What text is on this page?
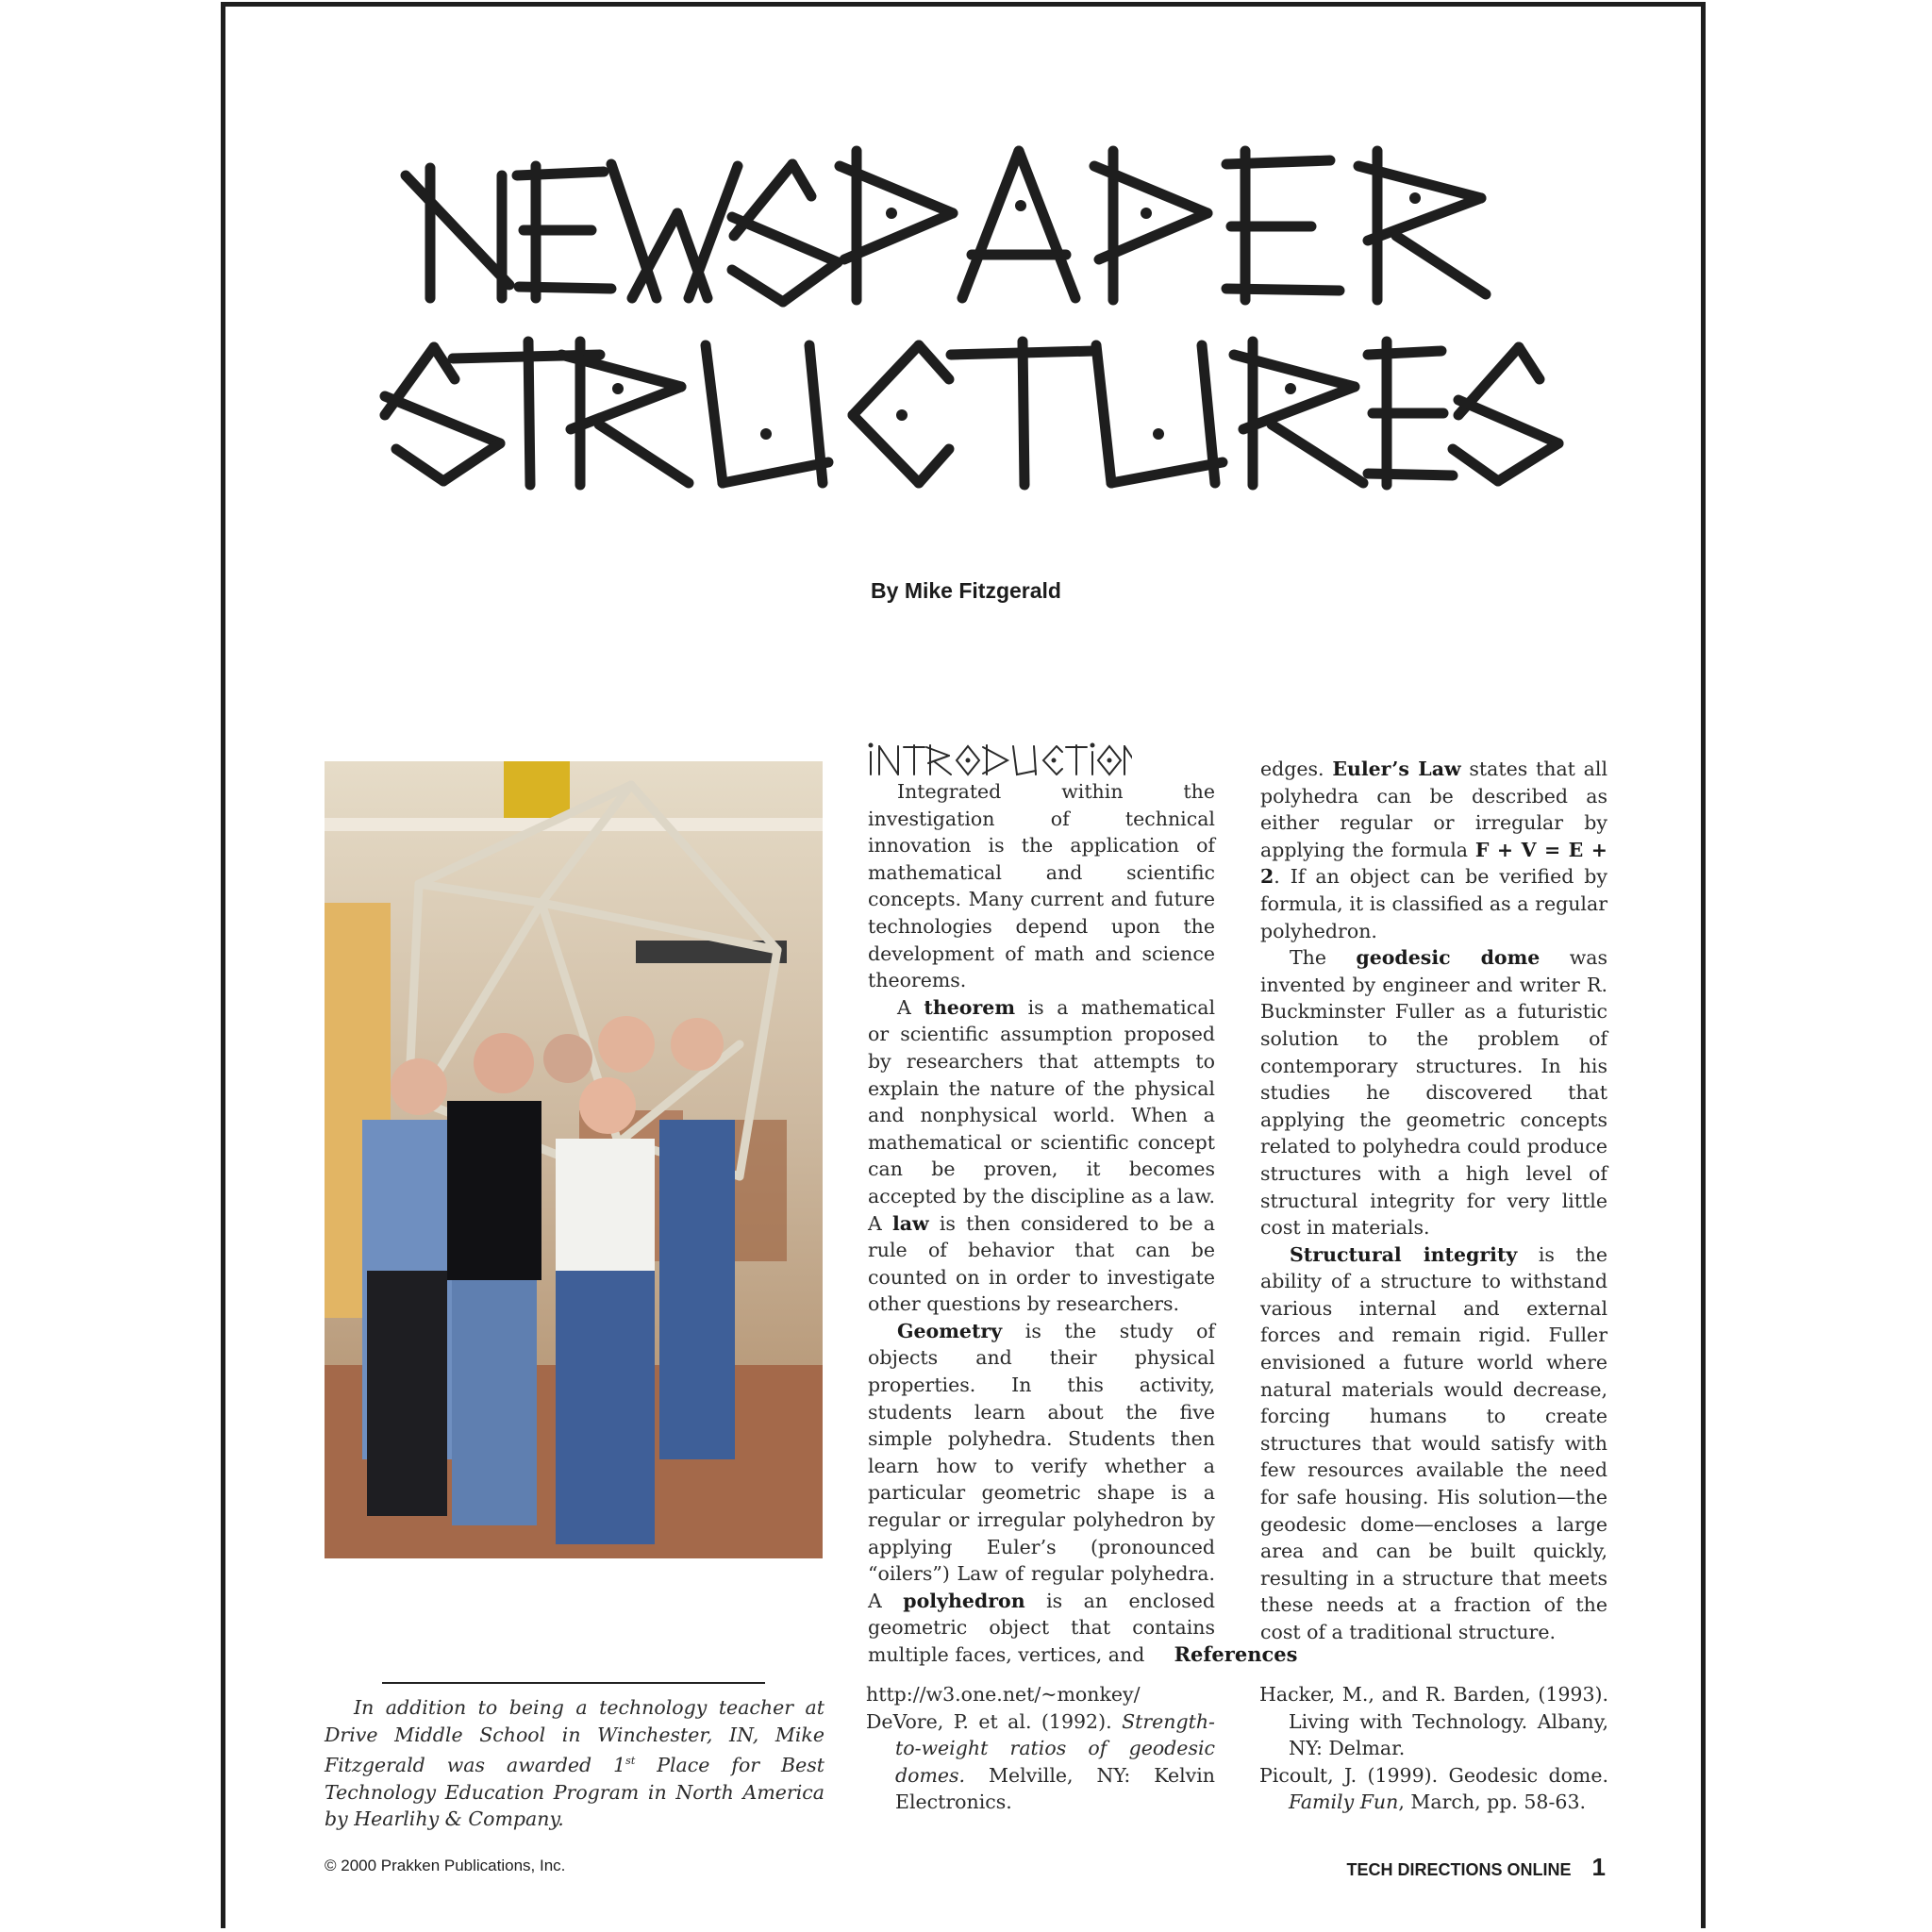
By Mike Fitzgerald

Integrated within the investigation of technical innovation is the application of mathematical and scientific concepts. Many current and future technologies depend upon the development of math and science theorems.

A theorem is a mathematical or scientific assumption proposed by researchers that attempts to explain the nature of the physical and nonphysical world. When a mathematical or scientific concept can be proven, it becomes accepted by the discipline as a law. A law is then considered to be a rule of behavior that can be counted on in order to investigate other questions by researchers.

Geometry is the study of objects and their physical properties. In this activity, students learn about the five simple polyhedra. Students then learn how to verify whether a particular geometric shape is a regular or irregular polyhedron by applying Euler’s (pronounced “oilers”) Law of regular polyhedra. A polyhedron is an enclosed geometric object that contains multiple faces, vertices, and

edges. Euler’s Law states that all polyhedra can be described as either regular or irregular by applying the formula F + V = E + 2. If an object can be verified by formula, it is classified as a regular polyhedron.

The geodesic dome was invented by engineer and writer R. Buckminster Fuller as a futuristic solution to the problem of contemporary structures. In his studies he discovered that applying the geometric concepts related to polyhedra could produce structures with a high level of structural integrity for very little cost in materials.

Structural integrity is the ability of a structure to withstand various internal and external forces and remain rigid. Fuller envisioned a future world where natural materials would decrease, forcing humans to create structures that would satisfy with few resources available the need for safe housing. His solution—the geodesic dome—encloses a large area and can be built quickly, resulting in a structure that meets these needs at a fraction of the cost of a traditional structure.

References
http://w3.one.net/~monkey/
DeVore, P. et al. (1992). Strength-to-weight ratios of geodesic domes. Melville, NY: Kelvin Electronics.
Hacker, M., and R. Barden, (1993). Living with Technology. Albany, NY: Delmar.
Picoult, J. (1999). Geodesic dome. Family Fun, March, pp. 58-63.
In addition to being a technology teacher at Drive Middle School in Winchester, IN, Mike Fitzgerald was awarded 1st Place for Best Technology Education Program in North America by Hearlihy & Company.
© 2000 Prakken Publications, Inc.	TECH DIRECTIONS ONLINE 1
